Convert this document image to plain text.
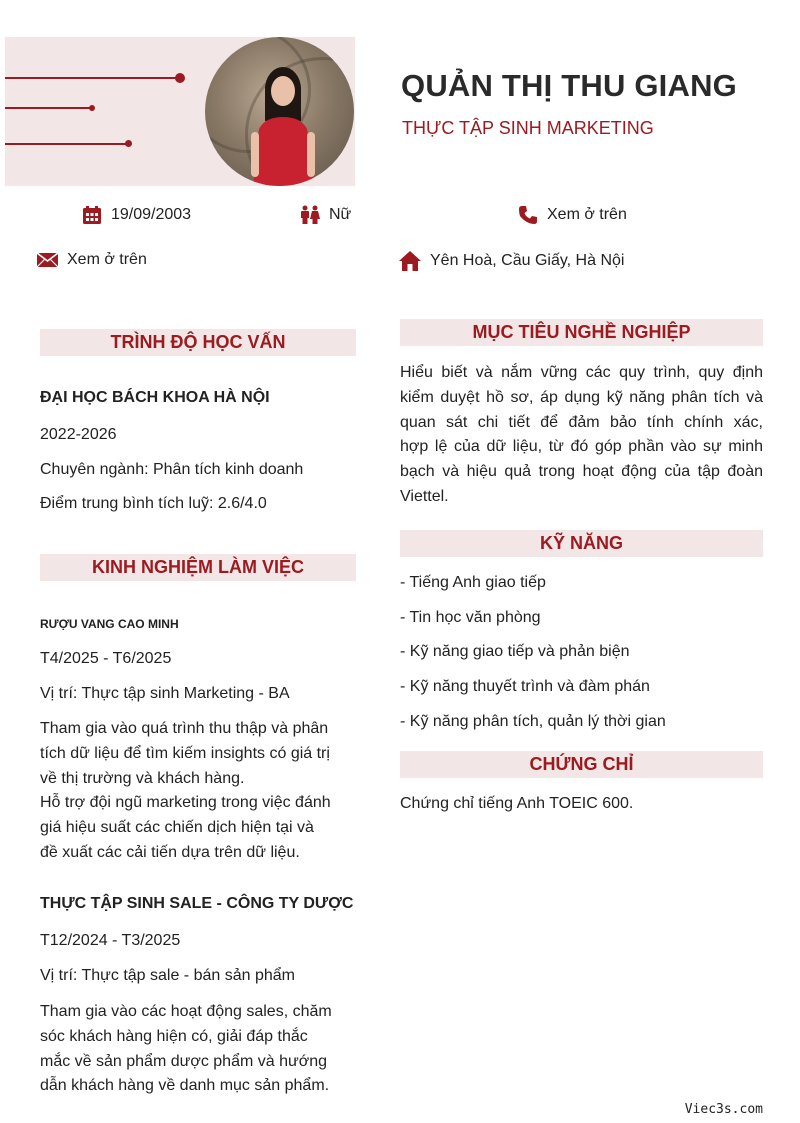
QUẢN THỊ THU GIANG
THỰC TẬP SINH MARKETING
19/09/2003	Nữ	Xem ở trên
Xem ở trên	Yên Hoà, Cầu Giấy, Hà Nội
TRÌNH ĐỘ HỌC VẤN
ĐẠI HỌC BÁCH KHOA HÀ NỘI
2022-2026
Chuyên ngành: Phân tích kinh doanh
Điểm trung bình tích luỹ: 2.6/4.0
KINH NGHIỆM LÀM VIỆC
RƯỢU VANG CAO MINH
T4/2025 - T6/2025
Vị trí: Thực tập sinh Marketing - BA
Tham gia vào quá trình thu thập và phân
tích dữ liệu để tìm kiếm insights có giá trị
về thị trường và khách hàng.
Hỗ trợ đội ngũ marketing trong việc đánh
giá hiệu suất các chiến dịch hiện tại và
đề xuất các cải tiến dựa trên dữ liệu.
THỰC TẬP SINH SALE - CÔNG TY DƯỢC
T12/2024 - T3/2025
Vị trí: Thực tập sale - bán sản phẩm
Tham gia vào các hoạt động sales, chăm
sóc khách hàng hiện có, giải đáp thắc
mắc về sản phẩm dược phẩm và hướng
dẫn khách hàng về danh mục sản phẩm.
MỤC TIÊU NGHỀ NGHIỆP
Hiểu biết và nắm vững các quy trình, quy định
kiểm duyệt hồ sơ, áp dụng kỹ năng phân tích và
quan sát chi tiết để đảm bảo tính chính xác,
hợp lệ của dữ liệu, từ đó góp phần vào sự minh
bạch và hiệu quả trong hoạt động của tập đoàn
Viettel.
KỸ NĂNG
- Tiếng Anh giao tiếp
- Tin học văn phòng
- Kỹ năng giao tiếp và phản biện
- Kỹ năng thuyết trình và đàm phán
- Kỹ năng phân tích, quản lý thời gian
CHỨNG CHỈ
Chứng chỉ tiếng Anh TOEIC 600.
Viec3s.com
